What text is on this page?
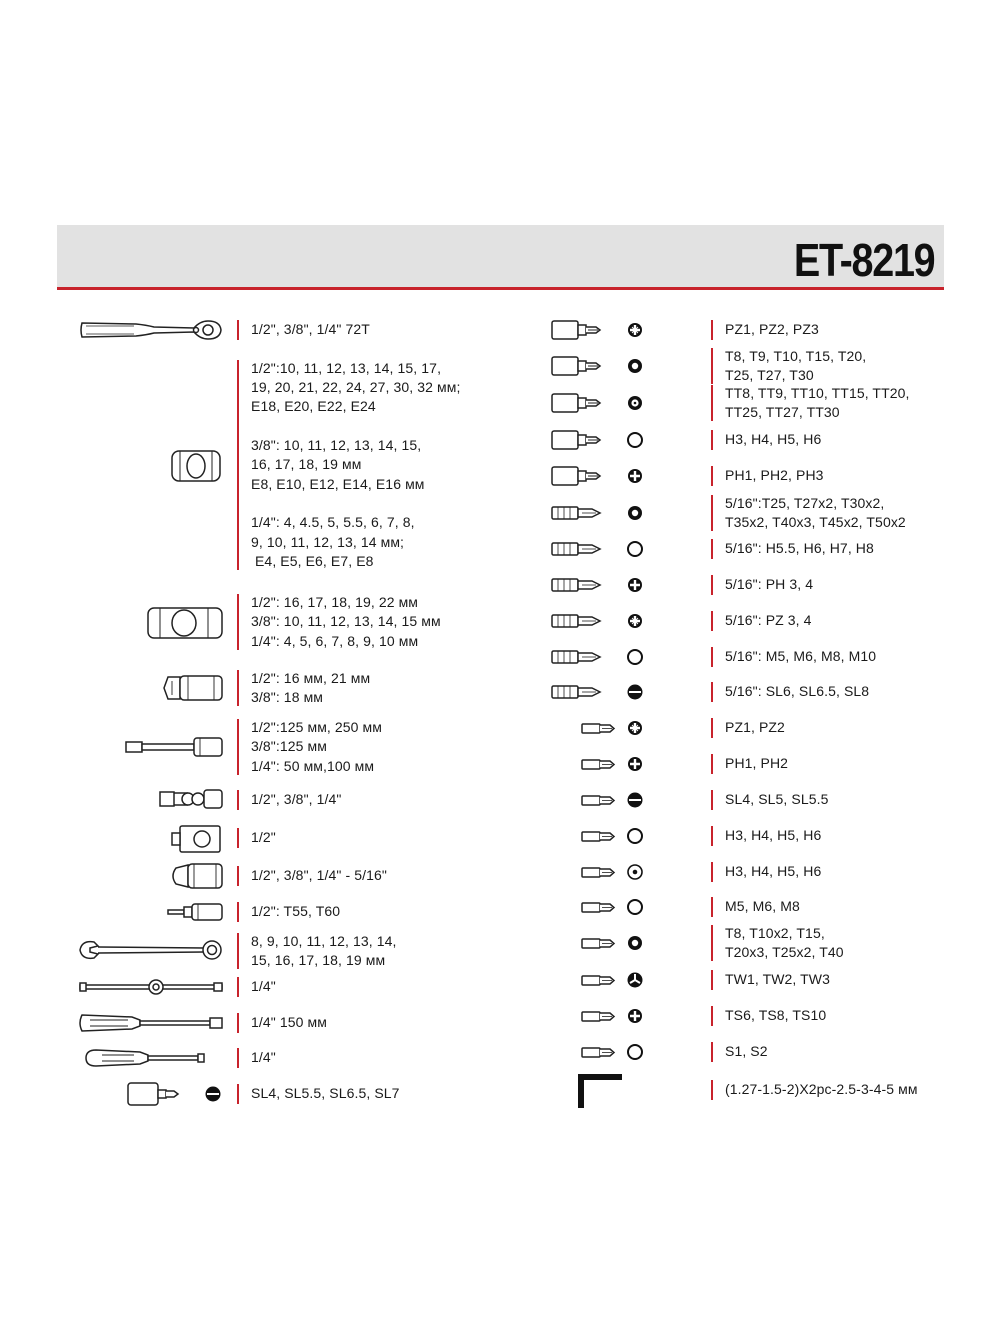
ET-8219
1/2", 3/8", 1/4" 72T
1/2":10, 11, 12, 13, 14, 15, 17,
19, 20, 21, 22, 24, 27, 30, 32 мм;
E18, E20, E22, E24
3/8": 10, 11, 12, 13, 14, 15,
16, 17, 18, 19 мм
E8, E10, E12, E14, E16 мм
1/4": 4, 4.5, 5, 5.5, 6, 7, 8,
9, 10, 11, 12, 13, 14 мм;
E4, E5, E6, E7, E8
1/2": 16, 17, 18, 19, 22 мм
3/8": 10, 11, 12, 13, 14, 15 мм
1/4": 4, 5, 6, 7, 8, 9, 10 мм
1/2": 16 мм, 21 мм
3/8": 18 мм
1/2":125 мм, 250 мм
3/8":125 мм
1/4": 50 мм,100 мм
1/2", 3/8", 1/4"
1/2"
1/2", 3/8", 1/4" - 5/16"
1/2": T55, T60
8, 9, 10, 11, 12, 13, 14,
15, 16, 17, 18, 19 мм
1/4"
1/4" 150 мм
1/4"
SL4, SL5.5, SL6.5, SL7
PZ1, PZ2, PZ3
T8, T9, T10, T15, T20,
T25, T27, T30
TT8, TT9, TT10, TT15, TT20,
TT25, TT27, TT30
H3, H4, H5, H6
PH1, PH2, PH3
5/16":T25, T27x2, T30x2,
T35x2, T40x3, T45x2, T50x2
5/16": H5.5, H6, H7, H8
5/16": PH 3, 4
5/16": PZ 3, 4
5/16": M5, M6, M8, M10
5/16": SL6, SL6.5, SL8
PZ1, PZ2
PH1, PH2
SL4, SL5, SL5.5
H3, H4, H5, H6
H3, H4, H5, H6
M5, M6, M8
T8, T10x2, T15,
T20x3, T25x2, T40
TW1, TW2, TW3
TS6, TS8, TS10
S1, S2
(1.27-1.5-2)X2pc-2.5-3-4-5 мм
